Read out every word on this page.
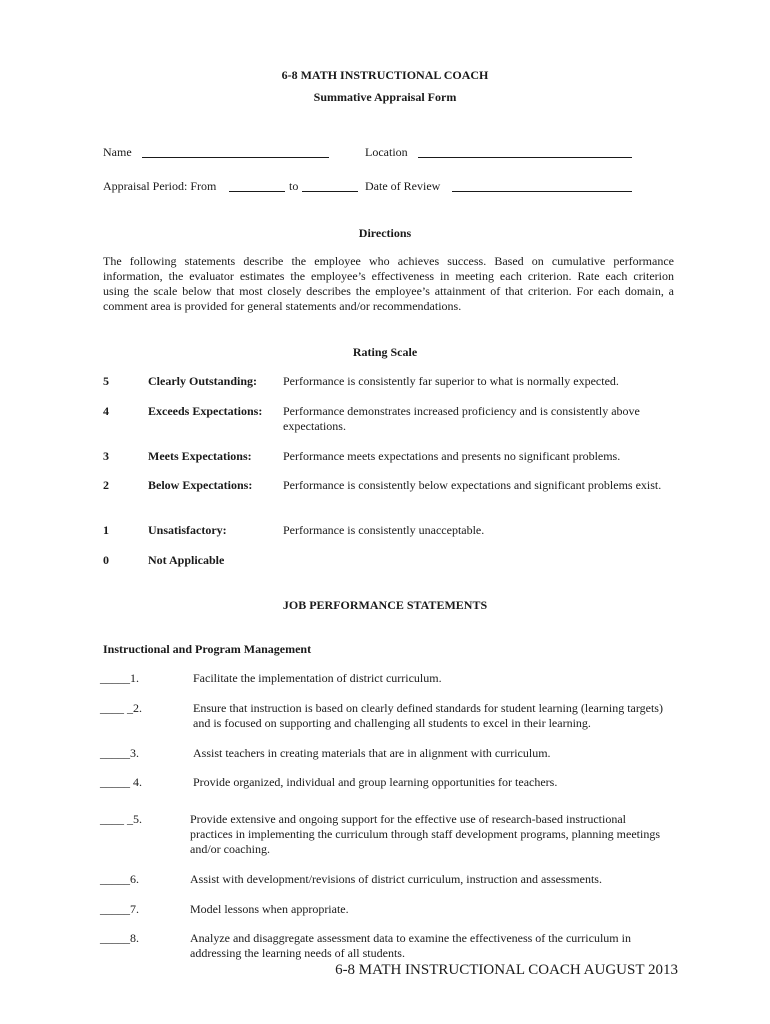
6-8 MATH INSTRUCTIONAL COACH
Summative Appraisal Form
Name	Location
Appraisal Period: From	to	Date of Review
Directions
The following statements describe the employee who achieves success. Based on cumulative performance
information, the evaluator estimates the employee’s effectiveness in meeting each criterion. Rate each criterion
using the scale below that most closely describes the employee’s attainment of that criterion. For each domain, a
comment area is provided for general statements and/or recommendations.
Rating Scale
5	Clearly Outstanding: Performance is consistently far superior to what is normally expected.
4	Exceeds Expectations: Performance demonstrates increased proficiency and is consistently above expectations.
3	Meets Expectations:	Performance meets expectations and presents no significant problems.
2	Below Expectations:	Performance is consistently below expectations and significant problems exist.
1	Unsatisfactory:	Performance is consistently unacceptable.
0	Not Applicable
JOB PERFORMANCE STATEMENTS
Instructional and Program Management
_____1.	Facilitate the implementation of district curriculum.
____ _2.	Ensure that instruction is based on clearly defined standards for student learning (learning targets) and is focused on supporting and challenging all students to excel in their learning.
_____3.	Assist teachers in creating materials that are in alignment with curriculum.
_____ 4.	Provide organized, individual and group learning opportunities for teachers.
____ _5.	Provide extensive and ongoing support for the effective use of research-based instructional practices in implementing the curriculum through staff development programs, planning meetings and/or coaching.
_____6.	Assist with development/revisions of district curriculum, instruction and assessments.
_____7.	Model lessons when appropriate.
_____8.	Analyze and disaggregate assessment data to examine the effectiveness of the curriculum in addressing the learning needs of all students.
6-8 MATH INSTRUCTIONAL COACH AUGUST 2013
